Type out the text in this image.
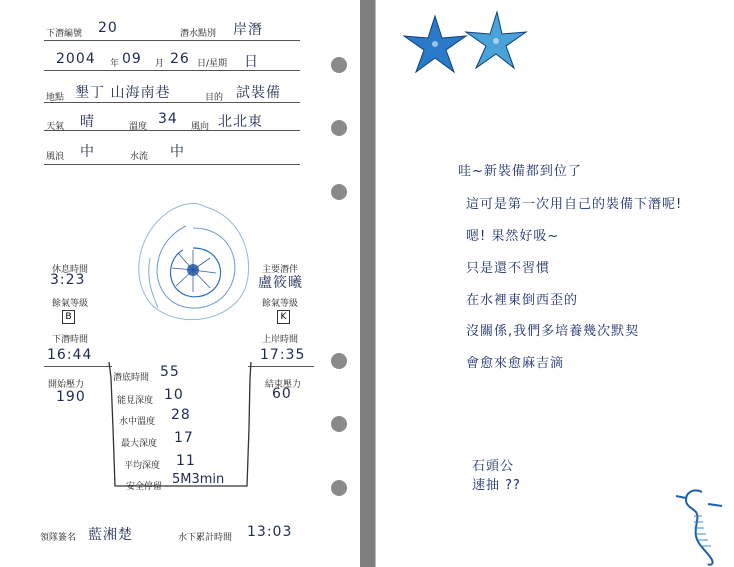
下潛編號 20	潛水點別 岸潛
2004 年 09 月 26 日/星期 日
地點 墾丁 山海南巷	目的 試裝備
天氣 晴	溫度 34 風向 北北東
風浪 中	水流 中
休息時間
3:23
餘氣等級
B
下潛時間
16:44
開始壓力
190
主要潛伴
盧筱曦
餘氣等級
K
上岸時間
17:35
結束壓力
60
潛底時間 55
能見深度 10
水中溫度 28
最大深度 17
平均深度 11
安全停留 5M3min
領隊簽名 藍湘楚	水下累計時間 13:03
哇~新裝備都到位了
這可是第一次用自己的裝備下潛呢!
嗯! 果然好吸~
只是還不習慣
在水裡東倒西歪的
沒關係,我們多培養幾次默契
會愈來愈麻吉滴
石頭公
速抽 ??
